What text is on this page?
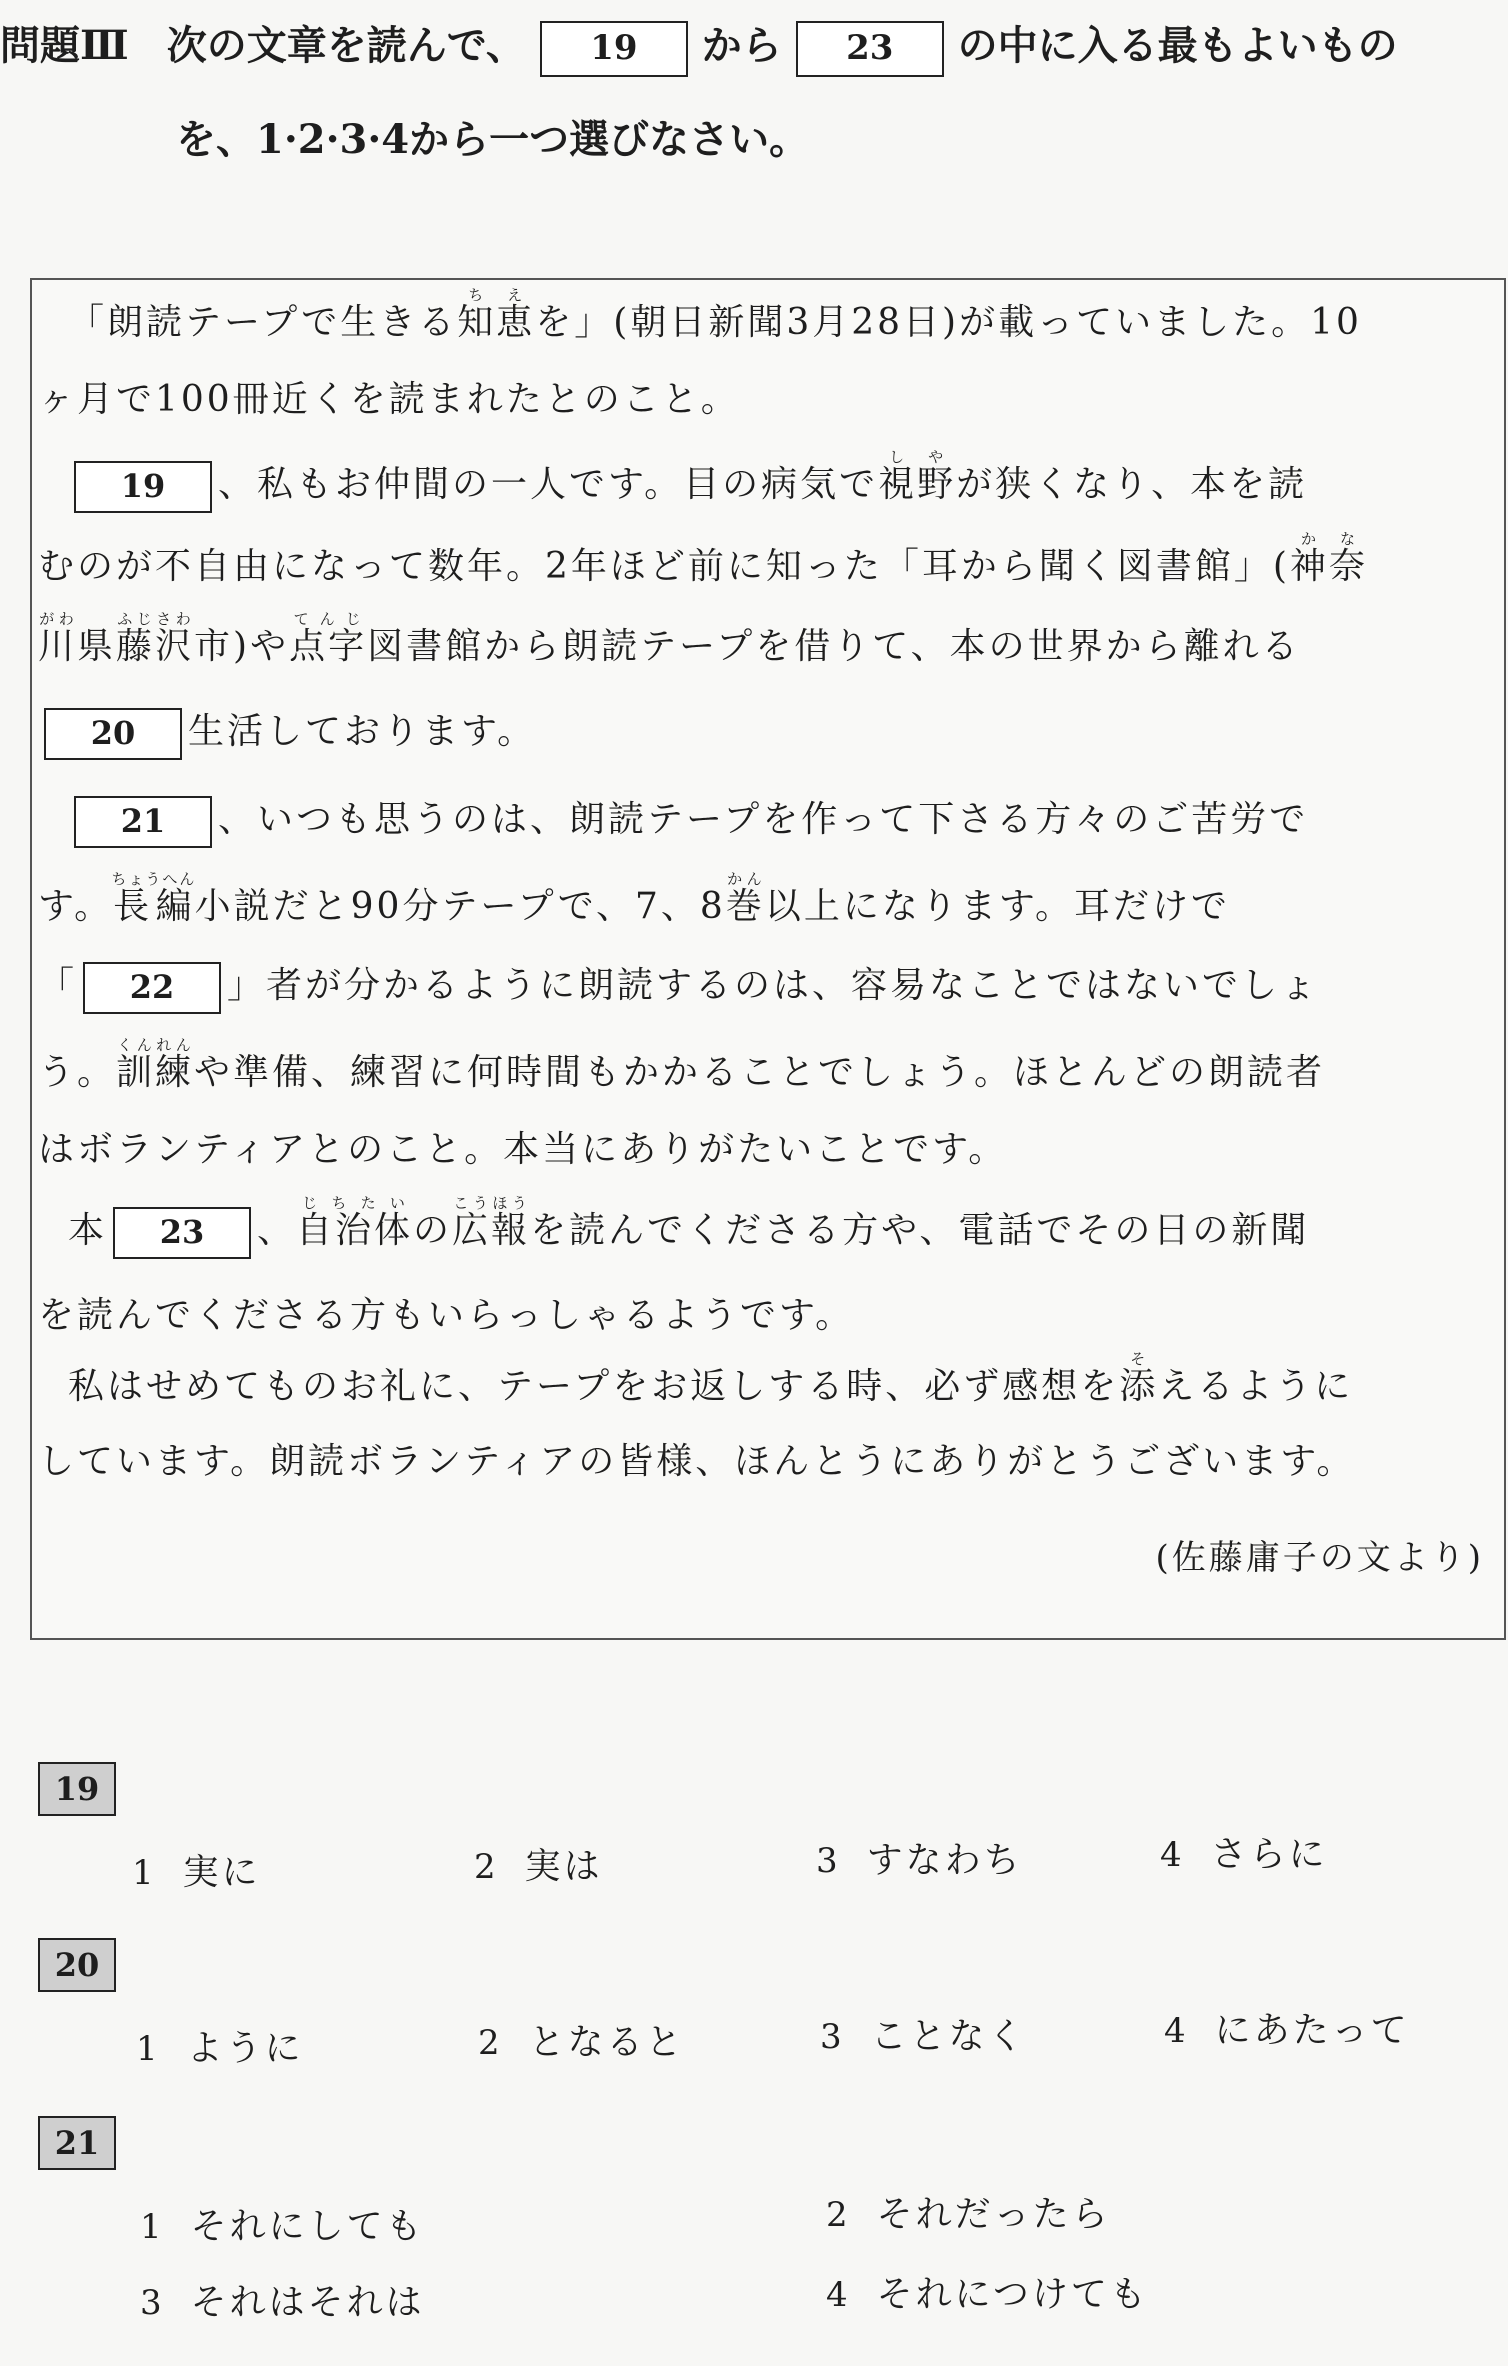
問題Ⅲ 次の文章を読んで、 19 から 23 の中に入る最もよいもの
を、1·2·3·4から一つ選びなさい。
「朗読テープで生きる知恵ちえを」(朝日新聞3月28日)が載っていました。10
ヶ月で100冊近くを読まれたとのこと。
19 、私もお仲間の一人です。目の病気で視野しやが狭くなり、本を読
むのが不自由になって数年。2年ほど前に知った「耳から聞く図書館」(神奈かな
川がわ県藤沢ふじさわ市)や点字てんじ図書館から朗読テープを借りて、本の世界から離れる
20 生活しております。
21 、いつも思うのは、朗読テープを作って下さる方々のご苦労で
す。長編ちょうへん小説だと90分テープで、7、8巻かん以上になります。耳だけで
「 22 」者が分かるように朗読するのは、容易なことではないでしょ
う。訓練くんれんや準備、練習に何時間もかかることでしょう。ほとんどの朗読者
はボランティアとのこと。本当にありがたいことです。
本 23 、自治体じちたいの広報こうほうを読んでくださる方や、電話でその日の新聞
を読んでくださる方もいらっしゃるようです。
私はせめてものお礼に、テープをお返しする時、必ず感想を添そえるように
しています。朗読ボランティアの皆様、ほんとうにありがとうございます。
(佐藤庸子の文より)
19
1 実に	2 実は	3 すなわち	4 さらに
20
1 ように	2 となると	3 ことなく	4 にあたって
21
1 それにしても	2 それだったら
3 それはそれは	4 それにつけても
